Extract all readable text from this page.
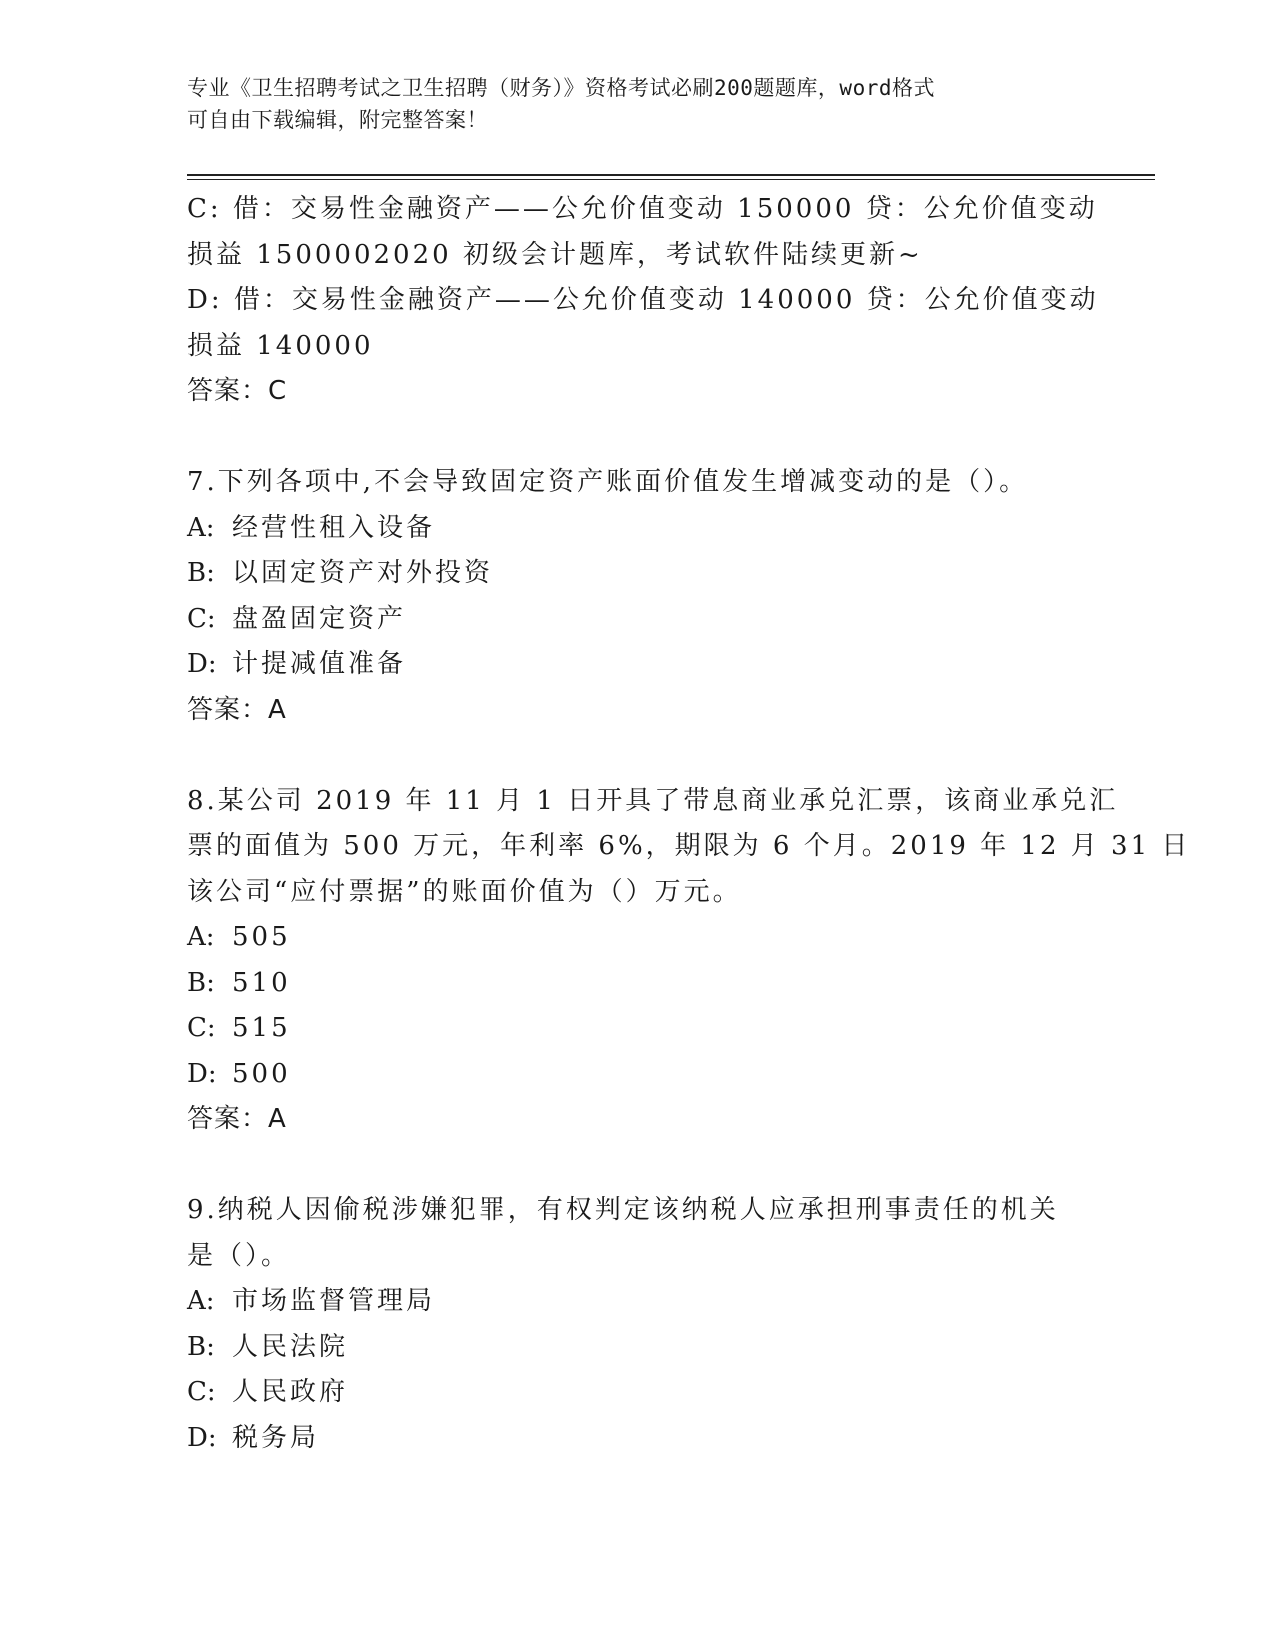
专业《卫生招聘考试之卫生招聘（财务）》资格考试必刷200题题库，word格式
可自由下载编辑，附完整答案！
C: 借：交易性金融资产——公允价值变动 150000 贷：公允价值变动
损益 1500002020 初级会计题库，考试软件陆续更新~
D: 借：交易性金融资产——公允价值变动 140000 贷：公允价值变动
损益 140000
答案：C
7.下列各项中,不会导致固定资产账面价值发生增减变动的是（）。
A: 经营性租入设备
B: 以固定资产对外投资
C: 盘盈固定资产
D: 计提减值准备
答案：A
8.某公司 2019 年 11 月 1 日开具了带息商业承兑汇票，该商业承兑汇
票的面值为 500 万元，年利率 6%，期限为 6 个月。2019 年 12 月 31 日
该公司“应付票据”的账面价值为（）万元。
A: 505
B: 510
C: 515
D: 500
答案：A
9.纳税人因偷税涉嫌犯罪，有权判定该纳税人应承担刑事责任的机关
是（）。
A: 市场监督管理局
B: 人民法院
C: 人民政府
D: 税务局
